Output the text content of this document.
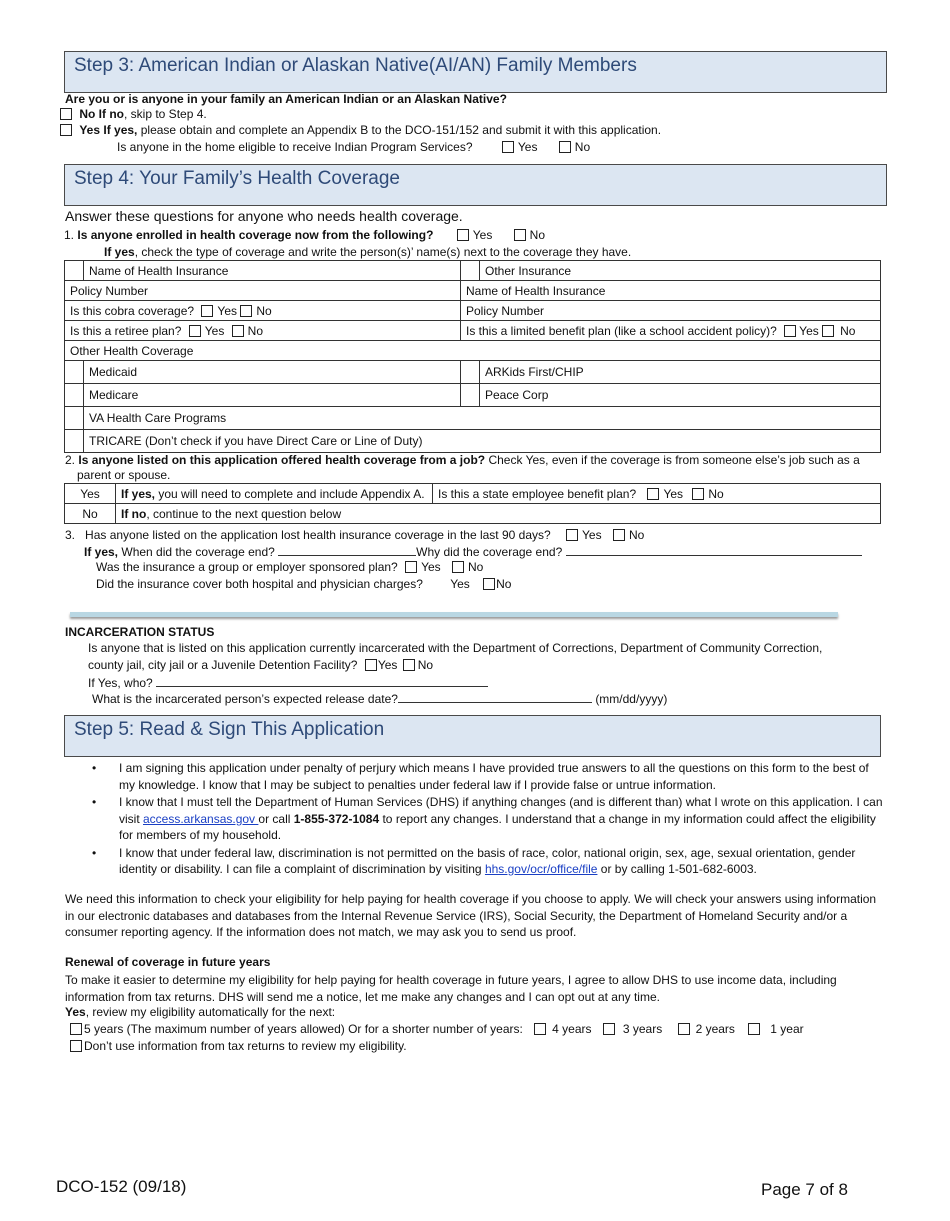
Step 3: American Indian or Alaskan Native(AI/AN) Family Members
Are you or is anyone in your family an American Indian or an Alaskan Native?
No If no, skip to Step 4.
Yes If yes, please obtain and complete an Appendix B to the DCO-151/152 and submit it with this application.
Is anyone in the home eligible to receive Indian Program Services?	Yes	No
Step 4: Your Family’s Health Coverage
Answer these questions for anyone who needs health coverage.
1. Is anyone enrolled in health coverage now from the following?	Yes	No
If yes, check the type of coverage and write the person(s)’ name(s) next to the coverage they have.
	Name of Health Insurance		Other Insurance
Policy Number		Name of Health Insurance	
Is this cobra coverage? Yes No		Policy Number	
Is this a retiree plan? Yes No		Is this a limited benefit plan (like a school accident policy)? Yes No	
Other Health Coverage			
	Medicaid		ARKids First/CHIP
	Medicare		Peace Corp
	VA Health Care Programs		
	TRICARE (Don’t check if you have Direct Care or Line of Duty)		
2. Is anyone listed on this application offered health coverage from a job? Check Yes, even if the coverage is from someone else’s job such as a
parent or spouse.
Yes	If yes, you will need to complete and include Appendix A.	Is this a state employee benefit plan? Yes No
No	If no, continue to the next question below	
3. Has anyone listed on the application lost health insurance coverage in the last 90 days?	Yes No
If yes, When did the coverage end?	Why did the coverage end?
Was the insurance a group or employer sponsored plan? Yes No
Did the insurance cover both hospital and physician charges? Yes No
INCARCERATION STATUS
Is anyone that is listed on this application currently incarcerated with the Department of Corrections, Department of Community Correction,
county jail, city jail or a Juvenile Detention Facility? Yes No
If Yes, who?
What is the incarcerated person’s expected release date?	(mm/dd/yyyy)
Step 5: Read & Sign This Application
• I am signing this application under penalty of perjury which means I have provided true answers to all the questions on this form to the best of my knowledge. I know that I may be subject to penalties under federal law if I provide false or untrue information.
• I know that I must tell the Department of Human Services (DHS) if anything changes (and is different than) what I wrote on this application. I can visit access.arkansas.gov or call 1-855-372-1084 to report any changes. I understand that a change in my information could affect the eligibility for members of my household.
• I know that under federal law, discrimination is not permitted on the basis of race, color, national origin, sex, age, sexual orientation, gender identity or disability. I can file a complaint of discrimination by visiting hhs.gov/ocr/office/file or by calling 1-501-682-6003.
We need this information to check your eligibility for help paying for health coverage if you choose to apply. We will check your answers using information in our electronic databases and databases from the Internal Revenue Service (IRS), Social Security, the Department of Homeland Security and/or a consumer reporting agency. If the information does not match, we may ask you to send us proof.
Renewal of coverage in future years
To make it easier to determine my eligibility for help paying for health coverage in future years, I agree to allow DHS to use income data, including information from tax returns. DHS will send me a notice, let me make any changes and I can opt out at any time.
Yes, review my eligibility automatically for the next:
5 years (The maximum number of years allowed) Or for a shorter number of years: 4 years	3 years	2 years	1 year
Don’t use information from tax returns to review my eligibility.
DCO-152 (09/18)	Page 7 of 8
